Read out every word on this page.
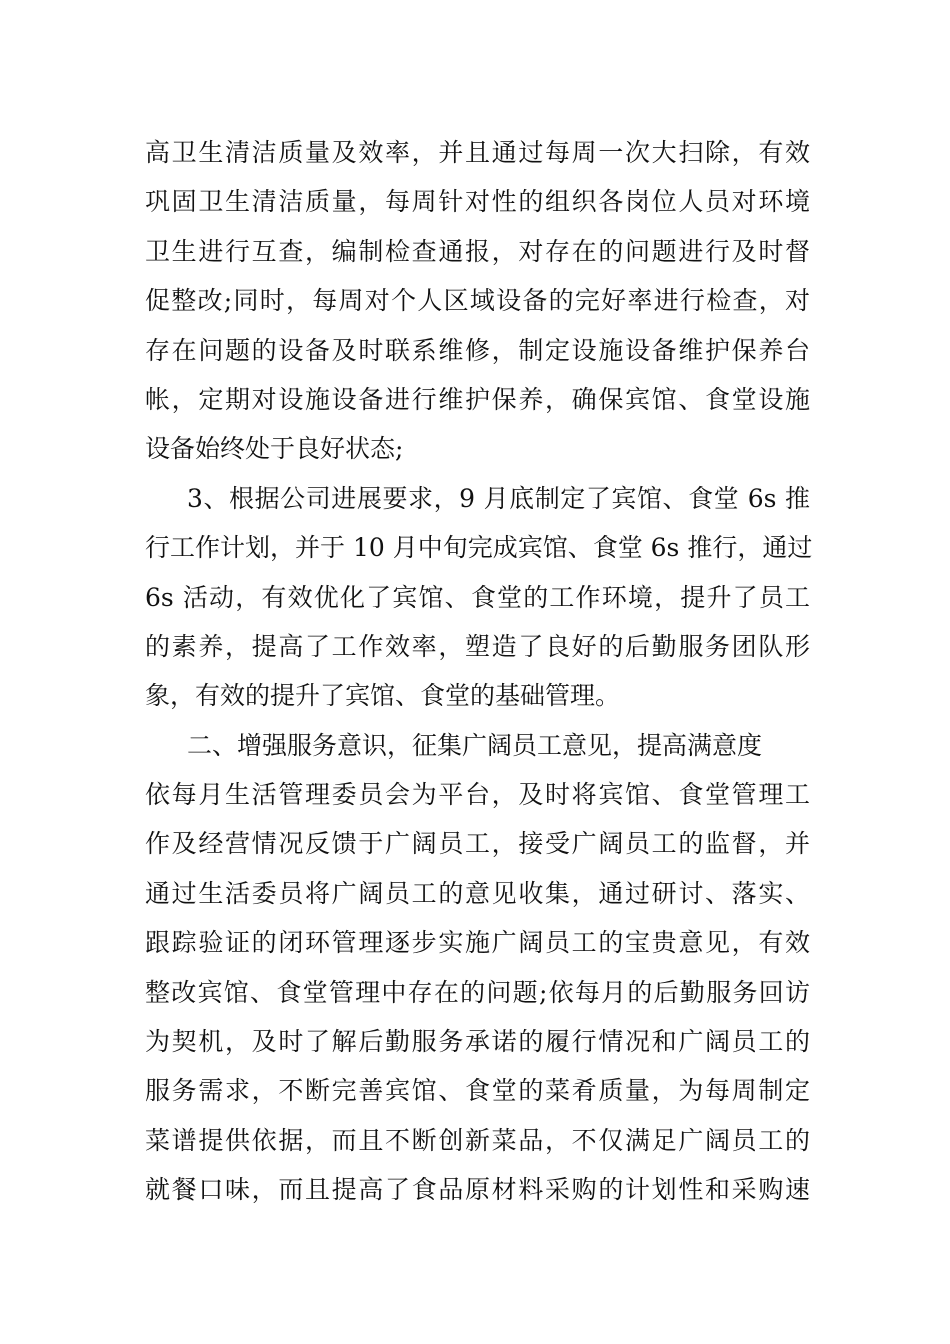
高卫生清洁质量及效率，并且通过每周一次大扫除，有效
巩固卫生清洁质量，每周针对性的组织各岗位人员对环境
卫生进行互查，编制检查通报，对存在的问题进行及时督
促整改;同时，每周对个人区域设备的完好率进行检查，对
存在问题的设备及时联系维修，制定设施设备维护保养台
帐，定期对设施设备进行维护保养，确保宾馆、食堂设施
设备始终处于良好状态;
3、根据公司进展要求，9 月底制定了宾馆、食堂 6s 推
行工作计划，并于 10 月中旬完成宾馆、食堂 6s 推行，通过
6s 活动，有效优化了宾馆、食堂的工作环境，提升了员工
的素养，提高了工作效率，塑造了良好的后勤服务团队形
象，有效的提升了宾馆、食堂的基础管理。
二、增强服务意识，征集广阔员工意见，提高满意度
依每月生活管理委员会为平台，及时将宾馆、食堂管理工
作及经营情况反馈于广阔员工，接受广阔员工的监督，并
通过生活委员将广阔员工的意见收集，通过研讨、落实、
跟踪验证的闭环管理逐步实施广阔员工的宝贵意见，有效
整改宾馆、食堂管理中存在的问题;依每月的后勤服务回访
为契机，及时了解后勤服务承诺的履行情况和广阔员工的
服务需求，不断完善宾馆、食堂的菜肴质量，为每周制定
菜谱提供依据，而且不断创新菜品，不仅满足广阔员工的
就餐口味，而且提高了食品原材料采购的计划性和采购速
